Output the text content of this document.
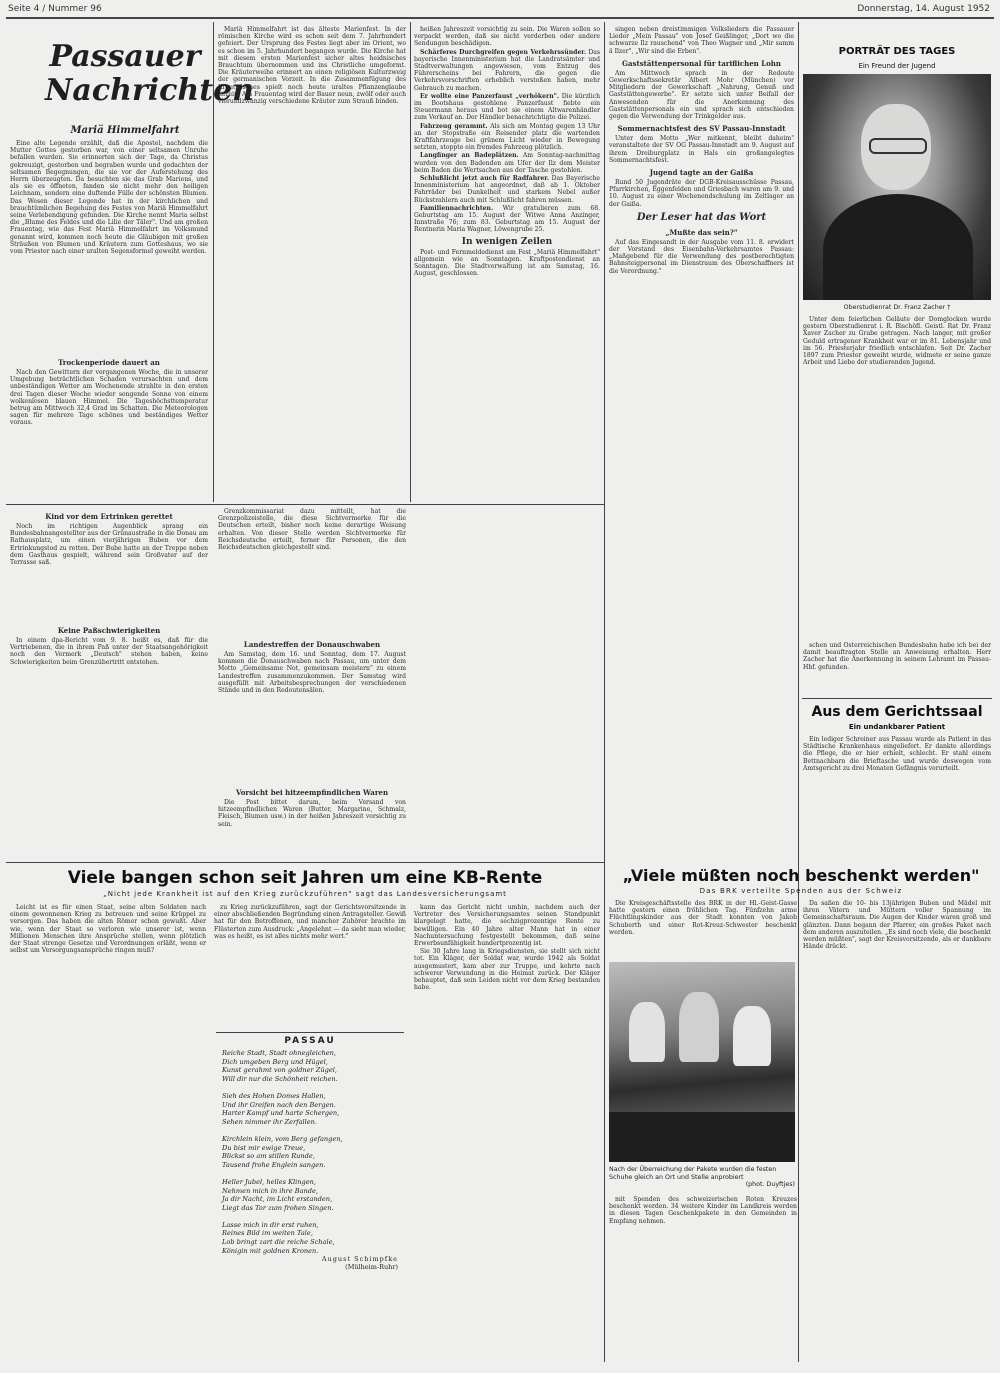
Seite 4 / Nummer 96	Donnerstag, 14. August 1952
Passauer
Nachrichten
Mariä Himmelfahrt

Eine alte Legende erzählt, daß die Apostel, nachdem die Mutter Gottes gestorben war, von einer seltsamen Unruhe befallen wurden. Sie erinnerten sich der Tage, da Christus gekreuzigt, gestorben und begraben wurde und gedachten der seltsamen Begegnungen, die sie vor der Auferstehung des Herrn überzeugten. Da besuchten sie das Grab Mariens, und als sie es öffneten, fanden sie nicht mehr den heiligen Leichnam, sondern eine duftende Fülle der schönsten Blumen. Das Wesen dieser Legende hat in der kirchlichen und brauchtümlichen Begehung des Festes von Mariä Himmelfahrt seine Verlebendigung gefunden. Die Kirche nennt Maria selbst die „Blume des Feldes und die Lilie der Täler". Und am großen Frauentag, wie das Fest Mariä Himmelfahrt im Volksmund genannt wird, kommen noch heute die Gläubigen mit großen Sträußen von Blumen und Kräutern zum Gotteshaus, wo sie vom Priester nach einer uralten Segensformel geweiht werden.

Trockenperiode dauert an

Nach den Gewittern der vergangenen Woche, die in unserer Umgebung beträchtlichen Schaden verursachten und dem unbeständigen Wetter am Wochenende strahlte in den ersten drei Tagen dieser Woche wieder sengende Sonne von einem wolkenlosen blauen Himmel. Die Tageshöchsttemperatur betrug am Mittwoch 32,4 Grad im Schatten. Die Meteorologen sagen für mehrere Tage schönes und beständiges Wetter voraus.

Kind vor dem Ertrinken gerettet

Noch im richtigen Augenblick sprang ein Bundesbahnangestellter aus der Grünaustraße in die Donau am Rathausplatz, um einen vierjährigen Buben vor dem Ertrinkungstod zu retten. Der Bube hatte an der Treppe neben dem Gasthaus gespielt, während sein Großvater auf der Terrasse saß.

Keine Paßschwierigkeiten

In einem dpa-Bericht vom 9. 8. heißt es, daß für die Vertriebenen, die in ihrem Paß unter der Staatsangehörigkeit noch den Vermerk „Deutsch" stehen haben, keine Schwierigkeiten beim Grenzübertritt entstehen.

Mariä Himmelfahrt ist das älteste Marienfest. In der römischen Kirche wird es schon seit dem 7. Jahrhundert gefeiert. Der Ursprung des Festes liegt aber im Orient, wo es schon im 5. Jahrhundert begangen wurde. Die Kirche hat mit diesem ersten Marienfest sicher altes heidnisches Brauchtum übernommen und ins Christliche umgeformt. Die Kräuterweihe erinnert an einen religiösen Kulturzweig der germanischen Vorzeit. In die Zusammenfügung des Krautwisches spielt noch heute uraltes Pflanzenglaube herein. Am Frauentag wird der Bauer neun, zwölf oder auch vierundzwanzig verschiedene Kräuter zum Strauß binden.

Grenzkommissariat dazu mitteilt, hat die Grenzpolizeistelle, die diese Sichtvermerke für die Deutschen erteilt, bisher noch keine derartige Weisung erhalten. Von dieser Stelle werden Sichtvermerke für Reichsdeutsche erteilt, ferner für Personen, die den Reichsdeutschen gleichgestellt sind.

Landestreffen der Donauschwaben

Am Samstag, dem 16. und Sonntag, dem 17. August kommen die Donauschwaben nach Passau, um unter dem Motto „Gemeinsame Not, gemeinsam meistern" zu einem Landestreffen zusammenzukommen. Der Samstag wird ausgefüllt mit Arbeitsbesprechungen der verschiedenen Stände und in den Redoutensälen.

Vorsicht bei hitzeempfindlichen Waren

Die Post bittet darum, beim Versand von hitzeempfindlichen Waren (Butter, Margarine, Schmalz, Fleisch, Blumen usw.) in der heißen Jahreszeit vorsichtig zu sein.

heißen Jahreszeit vorsichtig zu sein. Die Waren sollen so verpackt werden, daß sie nicht verderben oder andere Sendungen beschädigen.

Schärferes Durchgreifen gegen Verkehrssünder. Das bayerische Innenministerium hat die Landratsämter und Stadtverwaltungen angewiesen, vom Entzug des Führerscheins bei Fahrern, die gegen die Verkehrsvorschriften erheblich verstoßen haben, mehr Gebrauch zu machen.

Er wollte eine Panzerfaust „verhökern". Die kürzlich im Bootshaus gestohlene Panzerfaust fiebte ein Steuermann heraus und bot sie einem Altwarenhändler zum Verkauf an. Der Händler benachrichtigte die Polizei.

Fahrzeug gerammt. Als sich am Montag gegen 13 Uhr an der Stopstraße ein Reisender platz die wartenden Kraftfahrzeuge bei grünem Licht wieder in Bewegung setzten, stoppte ein fremdes Fahrzeug plötzlich.

Langfinger an Badeplätzen. Am Sonntag-nachmittag wurden von den Badenden am Ufer der Ilz dem Meister beim Baden die Wertsachen aus der Tasche gestohlen.

Schlußlicht jetzt auch für Radfahrer. Das Bayerische Innenministerium hat angeordnet, daß ab 1. Oktober Fahrräder bei Dunkelheit und starkem Nebel außer Rückstrahlern auch mit Schlußlicht fahren müssen.

Familiennachrichten. Wir gratulieren zum 68. Geburtstag am 15. August der Witwe Anna Anzinger, Innstraße 76; zum 83. Geburtstag am 15. August der Rentnerin Maria Wagner, Löwengrube 25.

In wenigen Zeilen

Post- und Fernmeldedienst am Fest „Mariä Himmelfahrt" allgemein wie an Sonntagen. Kraftpostendienst an Sonntagen. Die Stadtverwaltung ist am Samstag, 16. August, geschlossen.

singen neben dreistimmigen Volksliedern die Passauer Lieder „Mein Passau" von Josef Geißlinger, „Dort wo die schwarze Ilz rauschend" von Theo Wagner und „Mir samm ä Ilzer", „Wir sind die Erben".

Gaststättenpersonal für tariflichen Lohn

Am Mittwoch sprach in der Redoute Gewerkschaftssekretär Albert Mohr (München) vor Mitgliedern der Gewerkschaft „Nahrung, Genuß und Gaststättengewerbe". Er setzte sich unter Beifall der Anwesenden für die Anerkennung des Gaststättenpersonals ein und sprach sich entschieden gegen die Verwendung der Trinkgelder aus.

Sommernachtsfest des SV Passau-Innstadt

Unter dem Motto „Wer mitkennt, bleibt daheim" veranstaltete der SV OG Passau-Innstadt am 9. August auf ihrem Dreiburgplatz in Hals ein großangelegtes Sommernachtsfest.

Jugend tagte an der Gaißa

Rund 50 Jugendräte der DGB-Kreisausschüsse Passau, Pfarrkirchen, Eggenfelden und Griesbach waren am 9. und 10. August zu einer Wochenendschulung im Zeltlager an der Gaißa.

Der Leser hat das Wort
„Mußte das sein?"

Auf das Eingesandt in der Ausgabe vom 11. 8. erwidert der Vorstand des Eisenbahn-Verkehrsamtes Passau: „Maßgebend für die Verwendung des postberechtigten Bahnsteigpersonal im Dienstraum des Oberschaffners ist die Verordnung."

PORTRÄT DES TAGES
Ein Freund der Jugend
Oberstudienrat Dr. Franz Zacher †

Unter dem feierlichen Geläute der Domglocken wurde gestern Oberstudienrat i. R. Bischöfl. Geistl. Rat Dr. Franz Xaver Zacher zu Grabe getragen. Nach langer, mit großer Geduld ertragener Krankheit war er im 81. Lebensjahr und im 56. Priesterjahr friedlich entschlafen. Seit Dr. Zacher 1897 zum Priester geweiht wurde, widmete er seine ganze Arbeit und Liebe der studierenden Jugend.

schen und Österreichischen Bundesbahn habe ich bei der damit beauftragten Stelle an Anweisung erhalten. Herr Zacher hat die Anerkennung in seinem Lehramt im Passau-Hbf. gefunden.

Aus dem Gerichtssaal
Ein undankbarer Patient

Ein lediger Schreiner aus Passau wurde als Patient in das Städtische Krankenhaus eingeliefert. Er dankte allerdings die Pflege, die er hier erhielt, schlecht. Er stahl einem Bettnachbarn die Brieftasche und wurde deswegen vom Amtsgericht zu drei Monaten Gefängnis verurteilt.

Viele bangen schon seit Jahren um eine KB-Rente
„Nicht jede Krankheit ist auf den Krieg zurückzuführen" sagt das Landesversicherungsamt

Leicht ist es für einen Staat, seine alten Soldaten nach einem gewonnenen Krieg zu betreuen und seine Krüppel zu versorgen. Das haben die alten Römer schon gewußt. Aber wie, wenn der Staat so verloren wie unserer ist, wenn Millionen Menschen ihre Ansprüche stellen, wenn plötzlich der Staat strenge Gesetze und Verordnungen erläßt, wenn er selbst um Versorgungsansprüche ringen muß?

zu Krieg zurückzuführen, sagt der Gerichtsvorsitzende in einer abschließenden Begründung einen Antragsteller. Gewiß hat für den Betroffenen, und mancher Zuhörer brachte im Flüsterton zum Ausdruck: „Angelehnt — da sieht man wieder, was es heißt, es ist alles nichts mehr wert."

kann das Gericht nicht umhin, nachdem auch der Vertreter des Versicherungsamtes seinen Standpunkt klargelegt hatte, die sechzigprozentige Rente zu bewilligen. Ein 40 Jahre alter Mann hat in einer Nachuntersuchung festgestellt bekommen, daß seine Erwerbsunfähigkeit hundertprozentig ist.

Sie 30 Jahre lang in Kriegsdiensten, sie stellt sich nicht tot. Ein Kläger, der Soldat war, wurde 1942 als Soldat ausgemustert, kam aber zur Truppe, und kehrte nach schwerer Verwundung in die Heimat zurück. Der Kläger behauptet, daß sein Leiden nicht vor dem Krieg bestanden habe.

PASSAU
Reiche Stadt, Stadt ohnegleichen,
Dich umgeben Berg und Hügel,
Kunst gerahmt von goldner Zügel,
Will dir nur die Schönheit reichen.

Sieh des Hohen Domes Hallen,
Und ihr Greifen nach den Bergen.
Harter Kampf und harte Schergen,
Sehen nimmer ihr Zerfallen.

Kirchlein klein, vom Berg gefangen,
Du bist mir ewige Treue,
Blickst so am stillen Runde,
Tausend frohe Englein sangen.

Heller Jubel, helles Klingen,
Nehmen mich in ihre Bande,
Ja dir Nacht, im Licht erstanden,
Liegt das Tor zum frohen Singen.

Lasse mich in dir erst ruhen,
Reines Bild im weiten Tale,
Lob bringt zart die reiche Schale,
Königin mit goldnen Kronen.
August Schimpfke
(Mülheim-Ruhr)
„Viele müßten noch beschenkt werden"
Das BRK verteilte Spenden aus der Schweiz

Die Kreisgeschäftsstelle des BRK in der Hl.-Geist-Gasse hatte gestern einen fröhlichen Tag. Fünfzehn arme Flüchtlingskinder aus der Stadt konnten von Jakob Schuberth und einer Rot-Kreuz-Schwester beschenkt werden.

Nach der Überreichung der Pakete wurden die festen Schuhe gleich an Ort und Stelle anprobiert
(phot. Duyftjes)

mit Spenden des schweizerischen Roten Kreuzes beschenkt werden. 34 weitere Kinder im Landkreis werden in diesen Tagen Geschenkpakete in den Gemeinden in Empfang nehmen.

Da saßen die 10- bis 13jährigen Buben und Mädel mit ihren Vätern und Müttern voller Spannung im Gemeinschaftsraum. Die Augen der Kinder waren groß und glänzten. Dann begann der Pfarrer, ein großes Paket nach dem anderen auszuteilen. „Es sind noch viele, die beschenkt werden müßten", sagt der Kreisvorsitzende, als er dankbare Hände drückt.
